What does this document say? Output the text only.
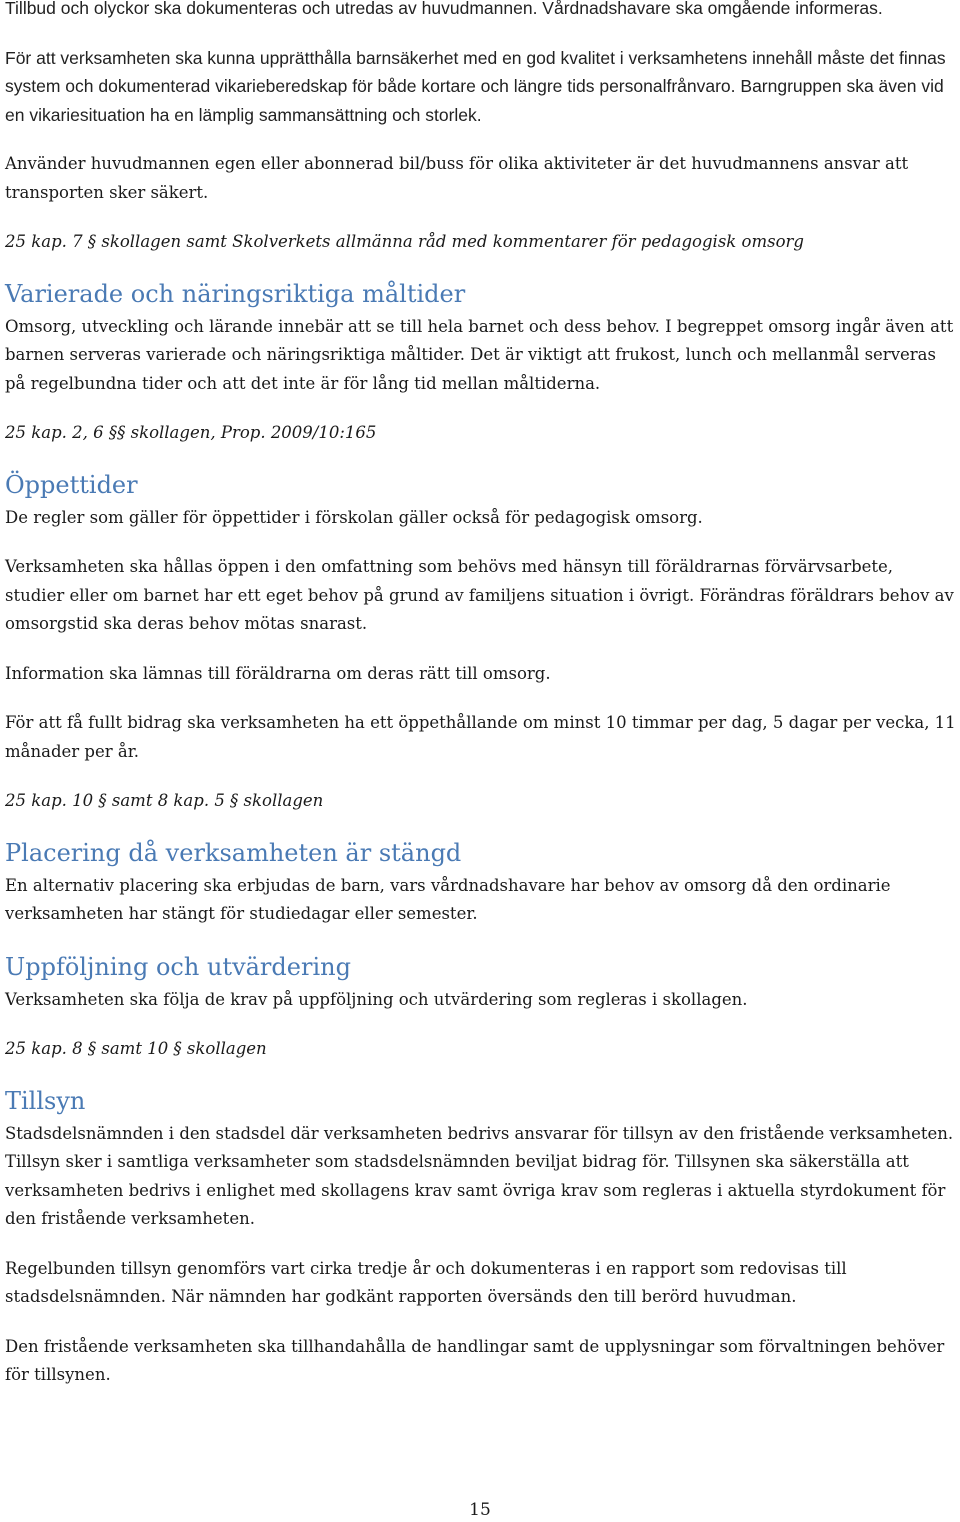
Tillbud och olyckor ska dokumenteras och utredas av huvudmannen. Vårdnadshavare ska omgående informeras.

För att verksamheten ska kunna upprätthålla barnsäkerhet med en god kvalitet i verksamhetens innehåll måste det finnas system och dokumenterad vikarieberedskap för både kortare och längre tids personalfrånvaro. Barngruppen ska även vid en vikariesituation ha en lämplig sammansättning och storlek.

Använder huvudmannen egen eller abonnerad bil/buss för olika aktiviteter är det huvudmannens ansvar att transporten sker säkert.

25 kap. 7 § skollagen samt Skolverkets allmänna råd med kommentarer för pedagogisk omsorg

Varierade och näringsriktiga måltider

Omsorg, utveckling och lärande innebär att se till hela barnet och dess behov. I begreppet omsorg ingår även att barnen serveras varierade och näringsriktiga måltider. Det är viktigt att frukost, lunch och mellanmål serveras på regelbundna tider och att det inte är för lång tid mellan måltiderna.

25 kap. 2, 6 §§ skollagen, Prop. 2009/10:165

Öppettider

De regler som gäller för öppettider i förskolan gäller också för pedagogisk omsorg.

Verksamheten ska hållas öppen i den omfattning som behövs med hänsyn till föräldrarnas förvärvsarbete, studier eller om barnet har ett eget behov på grund av familjens situation i övrigt. Förändras föräldrars behov av omsorgstid ska deras behov mötas snarast.

Information ska lämnas till föräldrarna om deras rätt till omsorg.

För att få fullt bidrag ska verksamheten ha ett öppethållande om minst 10 timmar per dag, 5 dagar per vecka, 11 månader per år.

25 kap. 10 § samt 8 kap. 5 § skollagen

Placering då verksamheten är stängd

En alternativ placering ska erbjudas de barn, vars vårdnadshavare har behov av omsorg då den ordinarie verksamheten har stängt för studiedagar eller semester.

Uppföljning och utvärdering

Verksamheten ska följa de krav på uppföljning och utvärdering som regleras i skollagen.

25 kap. 8 § samt 10 § skollagen

Tillsyn

Stadsdelsnämnden i den stadsdel där verksamheten bedrivs ansvarar för tillsyn av den fristående verksamheten. Tillsyn sker i samtliga verksamheter som stadsdelsnämnden beviljat bidrag för. Tillsynen ska säkerställa att verksamheten bedrivs i enlighet med skollagens krav samt övriga krav som regleras i aktuella styrdokument för den fristående verksamheten.

Regelbunden tillsyn genomförs vart cirka tredje år och dokumenteras i en rapport som redovisas till stadsdelsnämnden. När nämnden har godkänt rapporten översänds den till berörd huvudman.

Den fristående verksamheten ska tillhandahålla de handlingar samt de upplysningar som förvaltningen behöver för tillsynen.

15
